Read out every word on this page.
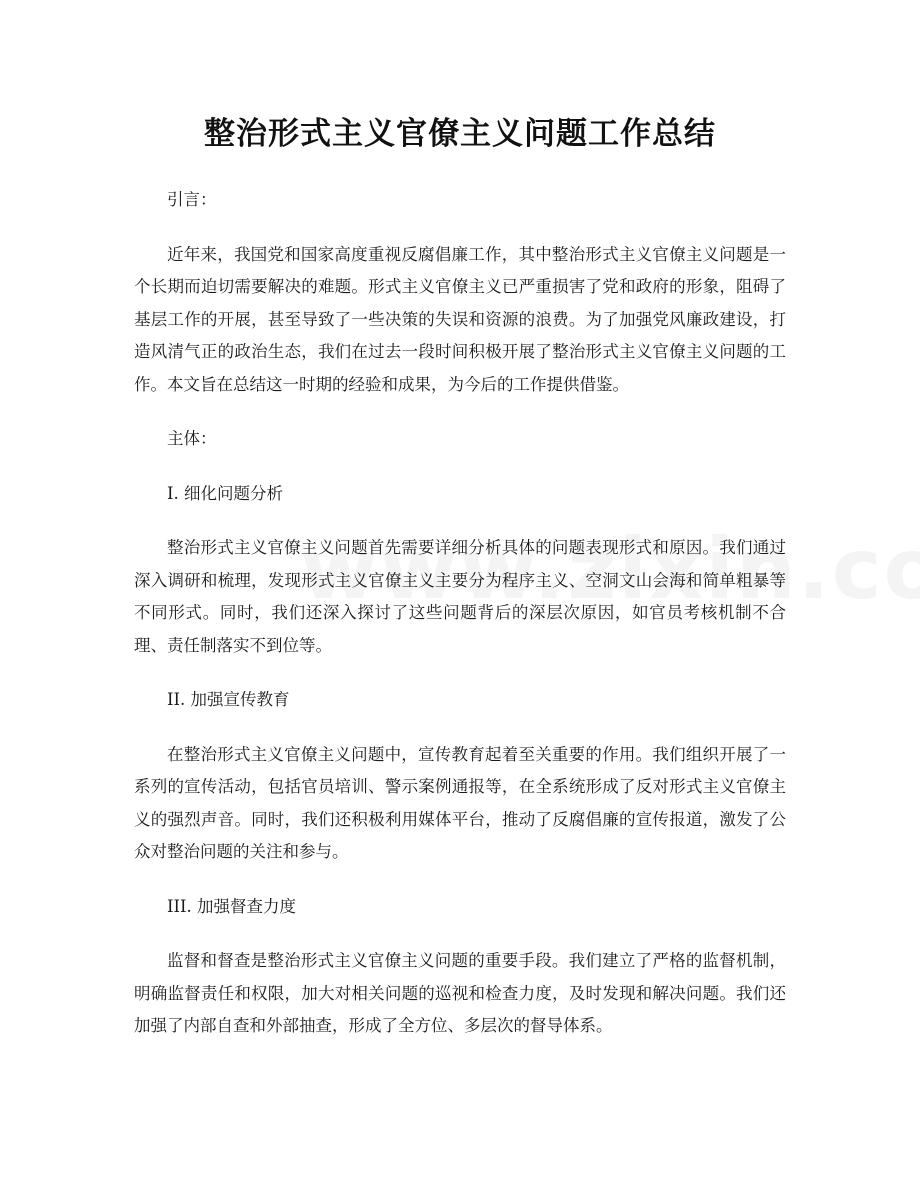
整治形式主义官僚主义问题工作总结

引言：

近年来，我国党和国家高度重视反腐倡廉工作，其中整治形式主义官僚主义问题是一个长期而迫切需要解决的难题。形式主义官僚主义已严重损害了党和政府的形象，阻碍了基层工作的开展，甚至导致了一些决策的失误和资源的浪费。为了加强党风廉政建设，打造风清气正的政治生态，我们在过去一段时间积极开展了整治形式主义官僚主义问题的工作。本文旨在总结这一时期的经验和成果，为今后的工作提供借鉴。

主体：

I. 细化问题分析

整治形式主义官僚主义问题首先需要详细分析具体的问题表现形式和原因。我们通过深入调研和梳理，发现形式主义官僚主义主要分为程序主义、空洞文山会海和简单粗暴等不同形式。同时，我们还深入探讨了这些问题背后的深层次原因，如官员考核机制不合理、责任制落实不到位等。

II. 加强宣传教育

在整治形式主义官僚主义问题中，宣传教育起着至关重要的作用。我们组织开展了一系列的宣传活动，包括官员培训、警示案例通报等，在全系统形成了反对形式主义官僚主义的强烈声音。同时，我们还积极利用媒体平台，推动了反腐倡廉的宣传报道，激发了公众对整治问题的关注和参与。

III. 加强督查力度

监督和督查是整治形式主义官僚主义问题的重要手段。我们建立了严格的监督机制，明确监督责任和权限，加大对相关问题的巡视和检查力度，及时发现和解决问题。我们还加强了内部自查和外部抽查，形成了全方位、多层次的督导体系。
